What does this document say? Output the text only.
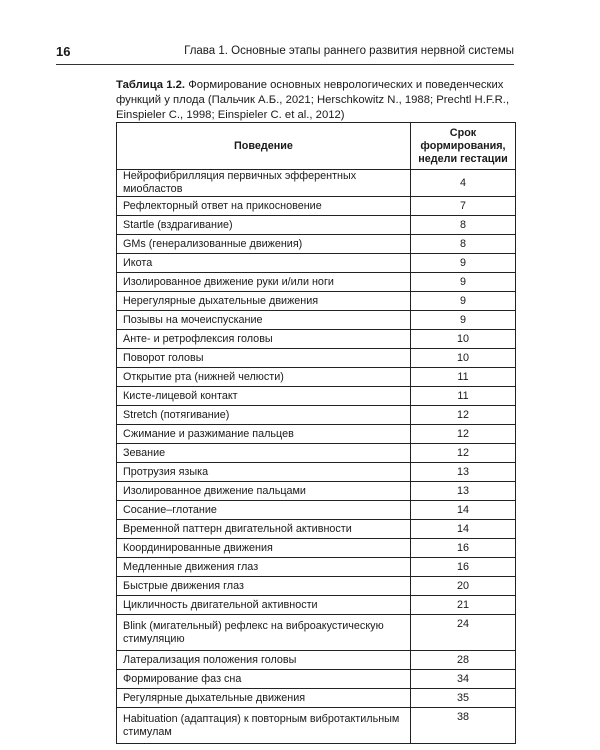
16	Глава 1. Основные этапы раннего развития нервной системы
Таблица 1.2. Формирование основных неврологических и поведенческих функций у плода (Пальчик А.Б., 2021; Herschkowitz N., 1988; Prechtl H.F.R., Einspieler C., 1998; Einspieler C. et al., 2012)
Поведение	Срок формирования, недели гестации
Нейрофибрилляция первичных эфферентных миобластов	4
Рефлекторный ответ на прикосновение	7
Startle (вздрагивание)	8
GMs (генерализованные движения)	8
Икота	9
Изолированное движение руки и/или ноги	9
Нерегулярные дыхательные движения	9
Позывы на мочеиспускание	9
Анте- и ретрофлексия головы	10
Поворот головы	10
Открытие рта (нижней челюсти)	11
Кисте-лицевой контакт	11
Stretch (потягивание)	12
Сжимание и разжимание пальцев	12
Зевание	12
Протрузия языка	13
Изолированное движение пальцами	13
Сосание–глотание	14
Временной паттерн двигательной активности	14
Координированные движения	16
Медленные движения глаз	16
Быстрые движения глаз	20
Цикличность двигательной активности	21
Blink (мигательный) рефлекс на виброакустическую стимуляцию	24
Латерализация положения головы	28
Формирование фаз сна	34
Регулярные дыхательные движения	35
Habituation (адаптация) к повторным вибротактильным стимулам	38
